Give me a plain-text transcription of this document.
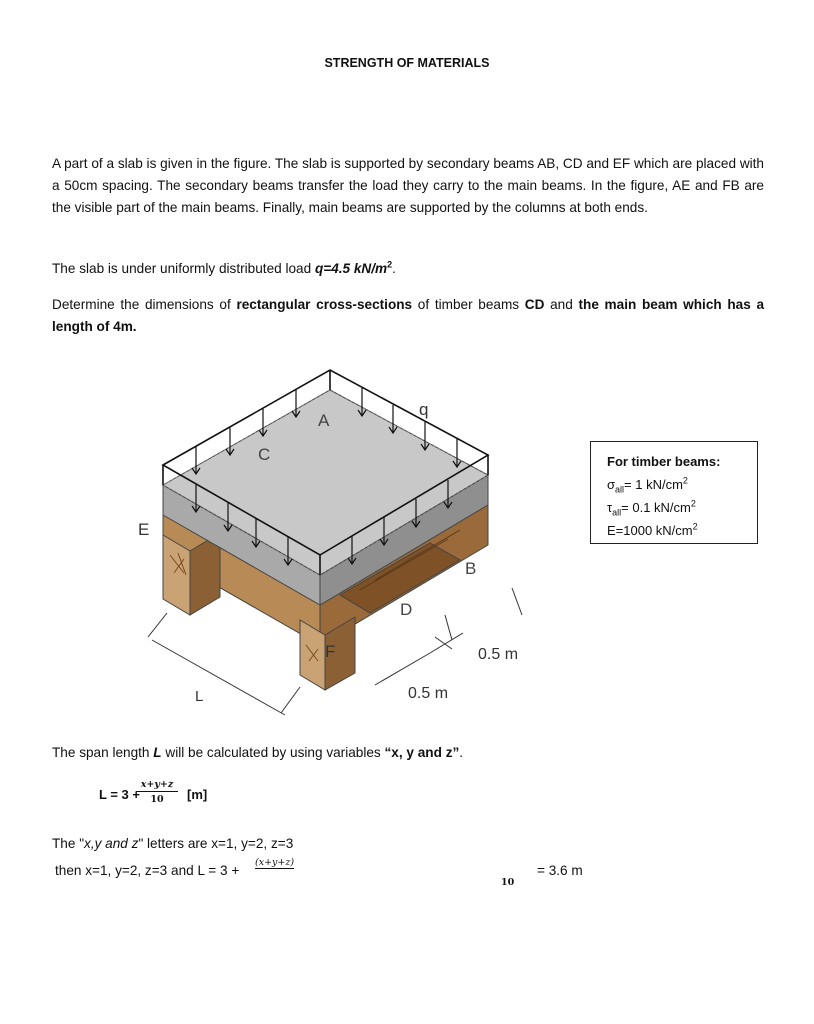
STRENGTH OF MATERIALS
A part of a slab is given in the figure. The slab is supported by secondary beams AB, CD and EF which are placed with a 50cm spacing. The secondary beams transfer the load they carry to the main beams. In the figure, AE and FB are the visible part of the main beams. Finally, main beams are supported by the columns at both ends.
The slab is under uniformly distributed load q=4.5 $kN/m^2$.
Determine the dimensions of rectangular cross-sections of timber beams CD and the main beam which has a length of 4m.
A
C
q
E
B
D
F
L
0.5 m
0.5 m
For timber beams:
$\sigma_{all}= 1$ $kN/cm^2$
$\tau_{all}= 0.1$ $kN/cm^2$
E=1000 $kN/cm^2$
The span length L will be calculated by using variables “x, y and z”.
L = 3 +
$\frac{x+y+z}{10} [m]$
The "x,y and z" letters are x=1, y=2, z=3
then x=1, y=2, z=3 and L = 3 +
(x+y+z)
10
= 3.6 m
